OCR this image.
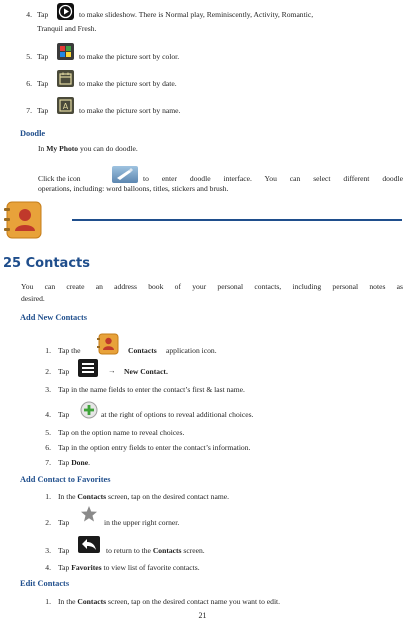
4. Tap	to make slideshow. There is Normal play, Reminiscently, Activity, Romantic,
Tranquil and Fresh.
5. Tap	to make the picture sort by color.
6. Tap	to make the picture sort by date.
7. Tap A to make the picture sort by name.
Doodle
In My Photo you can do doodle.
Click the icon	to enter doodle interface. You can select different doodle
operations, including: word balloons, titles, stickers and brush.
25 Contacts
You can create an address book of your personal contacts, including personal notes as
desired.
Add New Contacts
1. Tap the	Contacts application icon.
2. Tap	→ New Contact.
3. Tap in the name fields to enter the contact’s first & last name.
4. Tap	at the right of options to reveal additional choices.
5. Tap on the option name to reveal choices.
6. Tap in the option entry fields to enter the contact’s information.
7. Tap Done.
Add Contact to Favorites
1. In the Contacts screen, tap on the desired contact name.
2. Tap	in the upper right corner.
3. Tap	to return to the Contacts screen.
4. Tap Favorites to view list of favorite contacts.
Edit Contacts
1. In the Contacts screen, tap on the desired contact name you want to edit.
21
